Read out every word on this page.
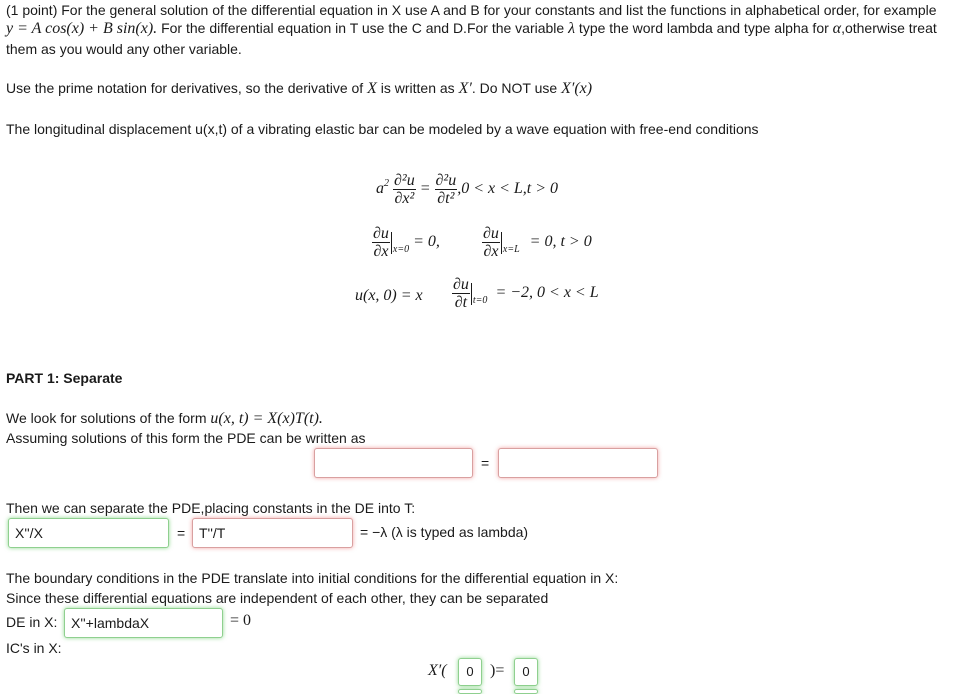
(1 point) For the general solution of the differential equation in X use A and B for your constants and list the functions in alphabetical order, for example
y = A cos(x) + B sin(x). For the differential equation in T use the C and D.For the variable λ type the word lambda and type alpha for α,otherwise treat
them as you would any other variable.
Use the prime notation for derivatives, so the derivative of X is written as X′. Do NOT use X′(x)
The longitudinal displacement u(x,t) of a vibrating elastic bar can be modeled by a wave equation with free-end conditions
$a^2 \frac{\text{∂²u}}{\text{∂x²}} = \frac{\text{∂²u}}{\text{∂t²}} ,0 < x < L,t > 0$
$\frac{\partial u}{\partial x} _{x=0} = 0$,	$\frac{\partial u}{\partial x} _{x=L} = 0$, t > 0
u(x, 0) = x $\frac{\partial u}{\partial t} _{t=0} = -2$, 0 < x < L
PART 1: Separate
We look for solutions of the form u(x, t) = X(x)T(t).
Assuming solutions of this form the PDE can be written as
=
Then we can separate the PDE,placing constants in the DE into T:
X''/X	= T''/T	= −λ (λ is typed as lambda)
The boundary conditions in the PDE translate into initial conditions for the differential equation in X:
Since these differential equations are independent of each other, they can be separated
DE in X: X''+lambdaX	= 0
IC's in X:
X′(	0	)=	0
